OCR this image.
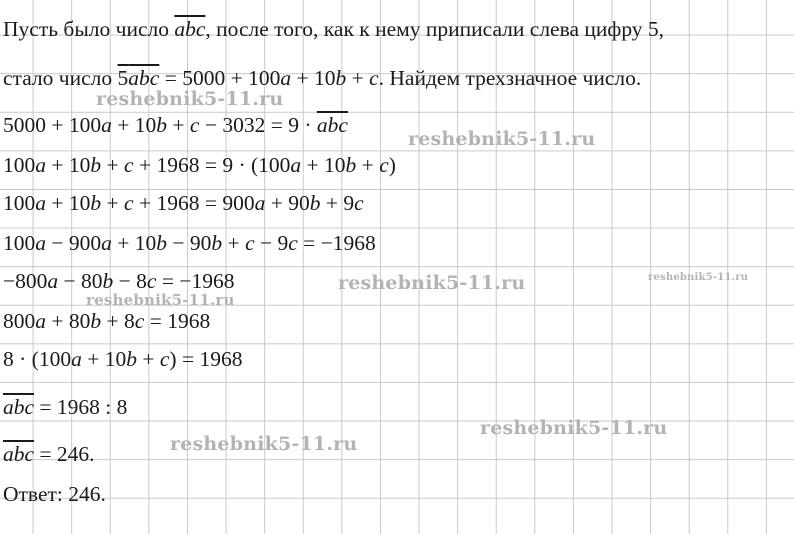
Пусть было число $\overline{abc}$, после того, как к нему приписали слева цифру 5,
стало число 5abc = 5000 + 100a + 10b + c. Найдем трехзначное число.
$5000 + 100a + 10b + c - 3032 = 9 \cdot \overline{abc}$
100a + 10b + c + 1968 = 9 · (100a + 10b + c)
100a + 10b + c + 1968 = 900a + 90b + 9c
100a − 900a + 10b − 90b + c − 9c = −1968
−800a − 80b − 8c = −1968
800a + 80b + 8c = 1968
8 · (100a + 10b + c) = 1968
$\overline{abc} = 1968$ : 8
$\overline{abc} = 246$.
Ответ: 246.
reshebnik5-11.ru
reshebnik5-11.ru
reshebnik5-11.ru	reshebnik5-11.ru
reshebnik5-11.ru
reshebnik5-11.ru
reshebnik5-11.ru
